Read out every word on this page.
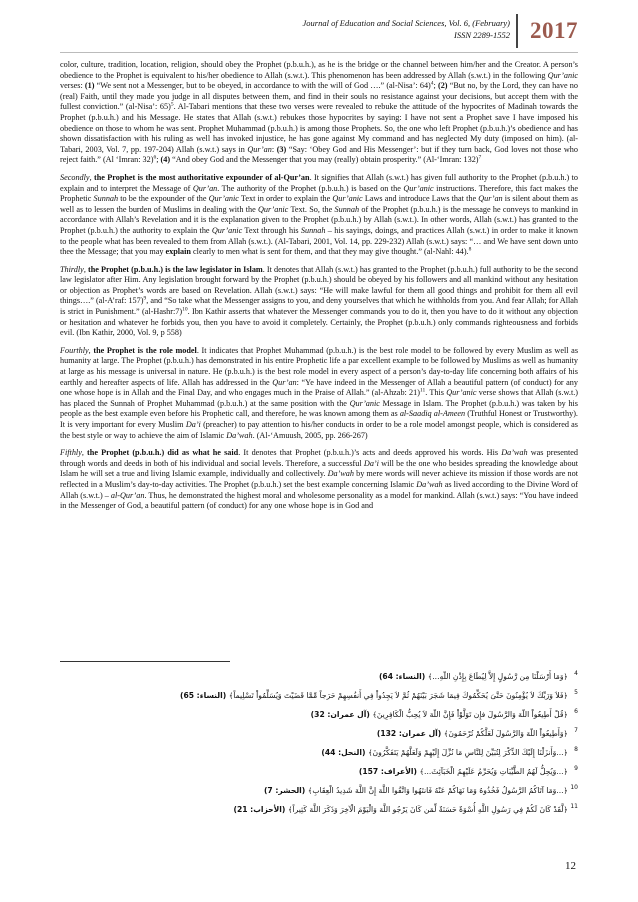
Journal of Education and Social Sciences, Vol. 6, (February)
ISSN 2289-1552 2017

color, culture, tradition, location, religion, should obey the Prophet (p.b.u.h.), as he is the bridge or the channel between him/her and the Creator. A person’s obedience to the Prophet is equivalent to his/her obedience to Allah (s.w.t.). This phenomenon has been addressed by Allah (s.w.t.) in the following Qur’anic verses: (1) “We sent not a Messenger, but to be obeyed, in accordance to with the will of God ….” (al-Nisa’: 64)$^4$; (2) “But no, by the Lord, they can have no (real) Faith, until they made you judge in all disputes between them, and find in their souls no resistance against your decisions, but accept them with the fullest conviction.” (al-Nisa’: 65)$^5$. Al-Tabari mentions that these two verses were revealed to rebuke the attitude of the hypocrites of Madinah towards the Prophet (p.b.u.h.) and his Message. He states that Allah (s.w.t.) rebukes those hypocrites by saying: I have not sent a Prophet save I have imposed his obedience on those to whom he was sent. Prophet Muhammad (p.b.u.h.) is among those Prophets. So, the one who left Prophet (p.b.u.h.)’s obedience and has shown dissatisfaction with his ruling as well has invoked injustice, he has gone against My command and has neglected My duty (imposed on him). (al-Tabari, 2003, Vol. 7, pp. 197-204) Allah (s.w.t.) says in Qur’an: (3) “Say: ‘Obey God and His Messenger’: but if they turn back, God loves not those who reject faith.” (Al ‘Imran: 32)$^6$; (4) “And obey God and the Messenger that you may (really) obtain prosperity.” (Al-‘Imran: 132)$^7$

Secondly, the Prophet is the most authoritative expounder of al-Qur’an. It signifies that Allah (s.w.t.) has given full authority to the Prophet (p.b.u.h.) to explain and to interpret the Message of Qur’an. The authority of the Prophet (p.b.u.h.) is based on the Qur’anic instructions. Therefore, this fact makes the Prophetic Sunnah to be the expounder of the Qur’anic Text in order to explain the Qur’anic Laws and introduce Laws that the Qur’an is silent about them as well as to lessen the burden of Muslims in dealing with the Qur’anic Text. So, the Sunnah of the Prophet (p.b.u.h.) is the message he conveys to mankind in accordance with Allah’s Revelation and it is the explanation given to the Prophet (p.b.u.h.) by Allah (s.w.t.). In other words, Allah (s.w.t.) has granted to the Prophet (p.b.u.h.) the authority to explain the Qur’anic Text through his Sunnah – his sayings, doings, and practices Allah (s.w.t.) in order to make it known to the people what has been revealed to them from Allah (s.w.t.). (Al-Tabari, 2001, Vol. 14, pp. 229-232) Allah (s.w.t.) says: “… and We have sent down unto thee the Message; that you may explain clearly to men what is sent for them, and that they may give thought.” (al-Nahl: 44).$^8$

Thirdly, the Prophet (p.b.u.h.) is the law legislator in Islam. It denotes that Allah (s.w.t.) has granted to the Prophet (p.b.u.h.) full authority to be the second law legislator after Him. Any legislation brought forward by the Prophet (p.b.u.h.) should be obeyed by his followers and all mankind without any hesitation or objection as Prophet’s words are based on Revelation. Allah (s.w.t.) says: “He will make lawful for them all good things and prohibit for them all evil things….” (al-A’raf: 157)$^9$, and “So take what the Messenger assigns to you, and deny yourselves that which he withholds from you. And fear Allah; for Allah is strict in Punishment.” (al-Hashr:7)$^{10}$. Ibn Kathir asserts that whatever the Messenger commands you to do it, then you have to do it without any objection or hesitation and whatever he forbids you, then you have to avoid it completely. Certainly, the Prophet (p.b.u.h.) only commands righteousness and forbids evil. (Ibn Kathir, 2000, Vol. 9, p 558)

Fourthly, the Prophet is the role model. It indicates that Prophet Muhammad (p.b.u.h.) is the best role model to be followed by every Muslim as well as humanity at large. The Prophet (p.b.u.h.) has demonstrated in his entire Prophetic life a par excellent example to be followed by Muslims as well as humanity at large as his message is universal in nature. He (p.b.u.h.) is the best role model in every aspect of a person’s day-to-day life concerning both affairs of his earthly and hereafter aspects of life. Allah has addressed in the Qur’an: “Ye have indeed in the Messenger of Allah a beautiful pattern (of conduct) for any one whose hope is in Allah and the Final Day, and who engages much in the Praise of Allah.” (al-Ahzab: 21)$^{11}$. This Qur’anic verse shows that Allah (s.w.t.) has placed the Sunnah of Prophet Muhammad (p.b.u.h.) at the same position with the Qur’anic Message in Islam. The Prophet (p.b.u.h.) was taken by his people as the best example even before his Prophetic call, and therefore, he was known among them as al-Saadiq al-Ameen (Truthful Honest or Trustworthy). It is very important for every Muslim Da’i (preacher) to pay attention to his/her conducts in order to be a role model amongst people, which is considered as the best style or way to achieve the aim of Islamic Da’wah. (Al-‘Amuush, 2005, pp. 266-267)

Fifthly, the Prophet (p.b.u.h.) did as what he said. It denotes that Prophet (p.b.u.h.)’s acts and deeds approved his words. His Da’wah was presented through words and deeds in both of his individual and social levels. Therefore, a successful Da’i will be the one who besides spreading the knowledge about Islam he will set a true and living Islamic example, individually and collectively. Da’wah by mere words will never achieve its mission if those words are not reflected in a Muslim’s day-to-day activities. The Prophet (p.b.u.h.) set the best example concerning Islamic Da’wah as lived according to the Divine Word of Allah (s.w.t.) – al-Qur’an. Thus, he demonstrated the highest moral and wholesome personality as a model for mankind. Allah (s.w.t.) says: “You have indeed in the Messenger of God, a beautiful pattern (of conduct) for any one whose hope is in God and

4
﴿وَمَا أَرْسَلْنَا مِن رَّسُولٍ إِلاَّ لِيُطَاعَ بِإِذْنِ اللّهِ...﴾ (النساء: 64)
5
﴿فَلاَ وَرَبِّكَ لاَ يُؤْمِنُونَ حَتَّىَ يُحَكِّمُوكَ فِيمَا شَجَرَ بَيْنَهُمْ ثُمَّ لاَ يَجِدُواْ فِي أَنفُسِهِمْ حَرَجاً مِّمَّا قَضَيْتَ وَيُسَلِّمُواْ تَسْلِيماً﴾ (النساء: 65)
6
﴿قُلْ أَطِيعُواْ اللّهَ وَالرَّسُولَ فإِن تَوَلَّوْاْ فَإِنَّ اللّهَ لاَ يُحِبُّ الْكَافِرِينَ﴾ (آل عمران: 32)
7
﴿وَأَطِيعُواْ اللّهَ وَالرَّسُولَ لَعَلَّكُمْ تُرْحَمُونَ﴾ (آل عمران: 132)
8
﴿...وَأَنزَلْنَا إِلَيْكَ الذِّكْرَ لِتُبَيِّنَ لِلنَّاسِ مَا نُزِّلَ إِلَيْهِمْ وَلَعَلَّهُمْ يَتَفَكَّرُونَ﴾ (النحل: 44)
9
﴿...وَيُحِلُّ لَهُمُ الطَّيِّبَاتِ وَيُحَرِّمُ عَلَيْهِمُ الْخَبَآئِثَ...﴾ (الأعراف: 157)
10
﴿...وَمَا آتَاكُمُ الرَّسُولُ فَخُذُوهُ وَمَا نَهَاكُمْ عَنْهُ فَانتَهُوا وَاتَّقُوا اللَّهَ إِنَّ اللَّهَ شَدِيدُ الْعِقَابِ﴾ (الحشر: 7)
11
﴿لَّقَدْ كَانَ لَكُمْ فِي رَسُولِ اللَّهِ أُسْوَةٌ حَسَنَةٌ لِّمَن كَانَ يَرْجُو اللَّهَ وَالْيَوْمَ الْآخِرَ وَذَكَرَ اللَّهَ كَثِيراً﴾ (الأحزاب: 21)
12
